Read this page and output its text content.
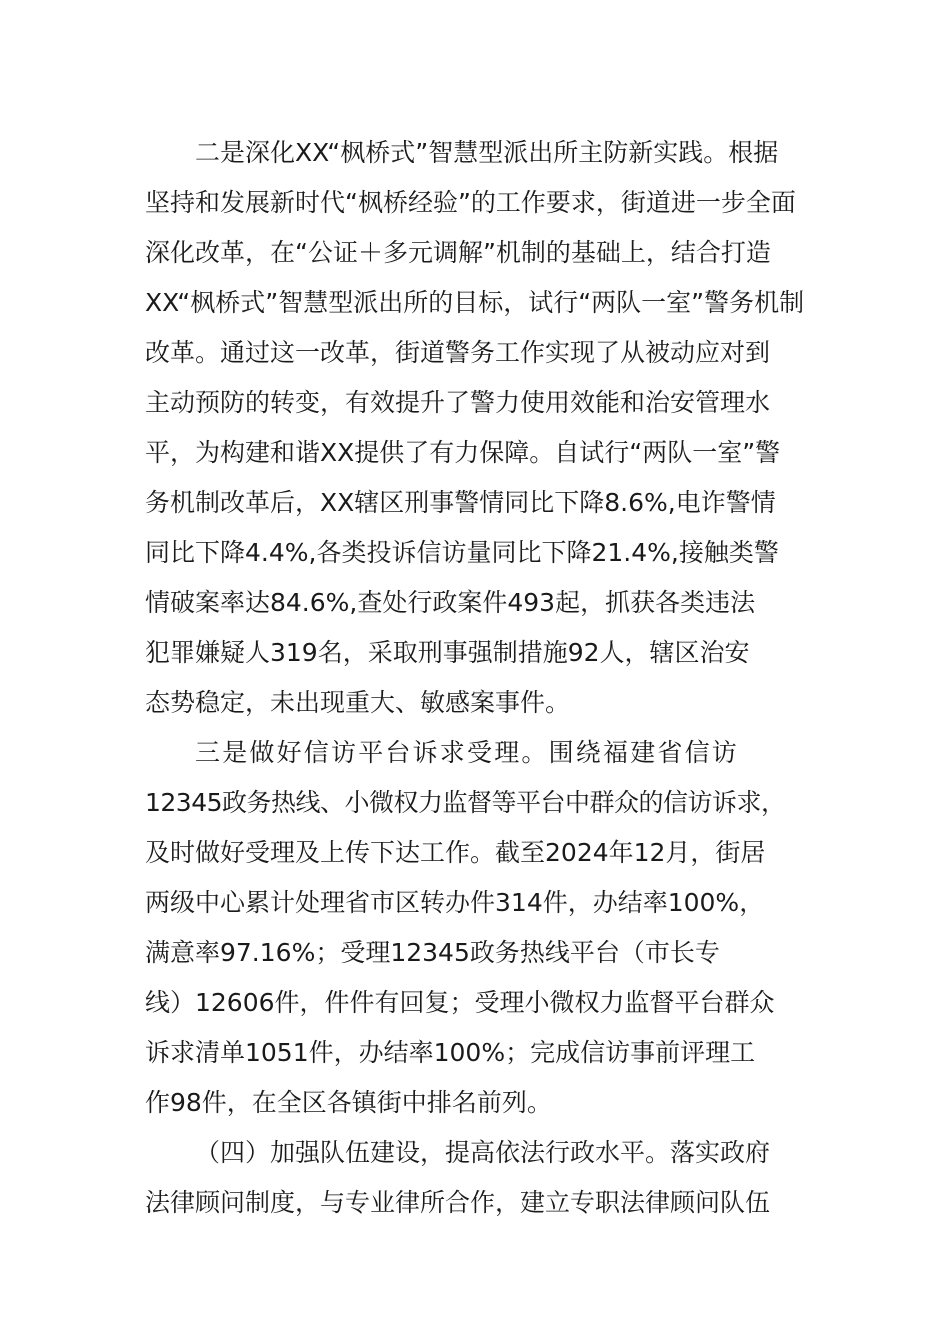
二是深化XX“枫桥式”智慧型派出所主防新实践。根据
坚持和发展新时代“枫桥经验”的工作要求，街道进一步全面
深化改革，在“公证＋多元调解”机制的基础上，结合打造
XX“枫桥式”智慧型派出所的目标，试行“两队一室”警务机制
改革。通过这一改革，街道警务工作实现了从被动应对到
主动预防的转变，有效提升了警力使用效能和治安管理水
平，为构建和谐XX提供了有力保障。自试行“两队一室”警
务机制改革后，XX辖区刑事警情同比下降8.6%,电诈警情
同比下降4.4%,各类投诉信访量同比下降21.4%,接触类警
情破案率达84.6%,查处行政案件493起，抓获各类违法
犯罪嫌疑人319名，采取刑事强制措施92人，辖区治安
态势稳定，未出现重大、敏感案事件。
三是做好信访平台诉求受理。围绕福建省信访
12345政务热线、小微权力监督等平台中群众的信访诉求，
及时做好受理及上传下达工作。截至2024年12月，街居
两级中心累计处理省市区转办件314件，办结率100%，
满意率97.16%；受理12345政务热线平台（市长专
线）12606件，件件有回复；受理小微权力监督平台群众
诉求清单1051件，办结率100%；完成信访事前评理工
作98件，在全区各镇街中排名前列。
（四）加强队伍建设，提高依法行政水平。落实政府
法律顾问制度，与专业律所合作，建立专职法律顾问队伍
